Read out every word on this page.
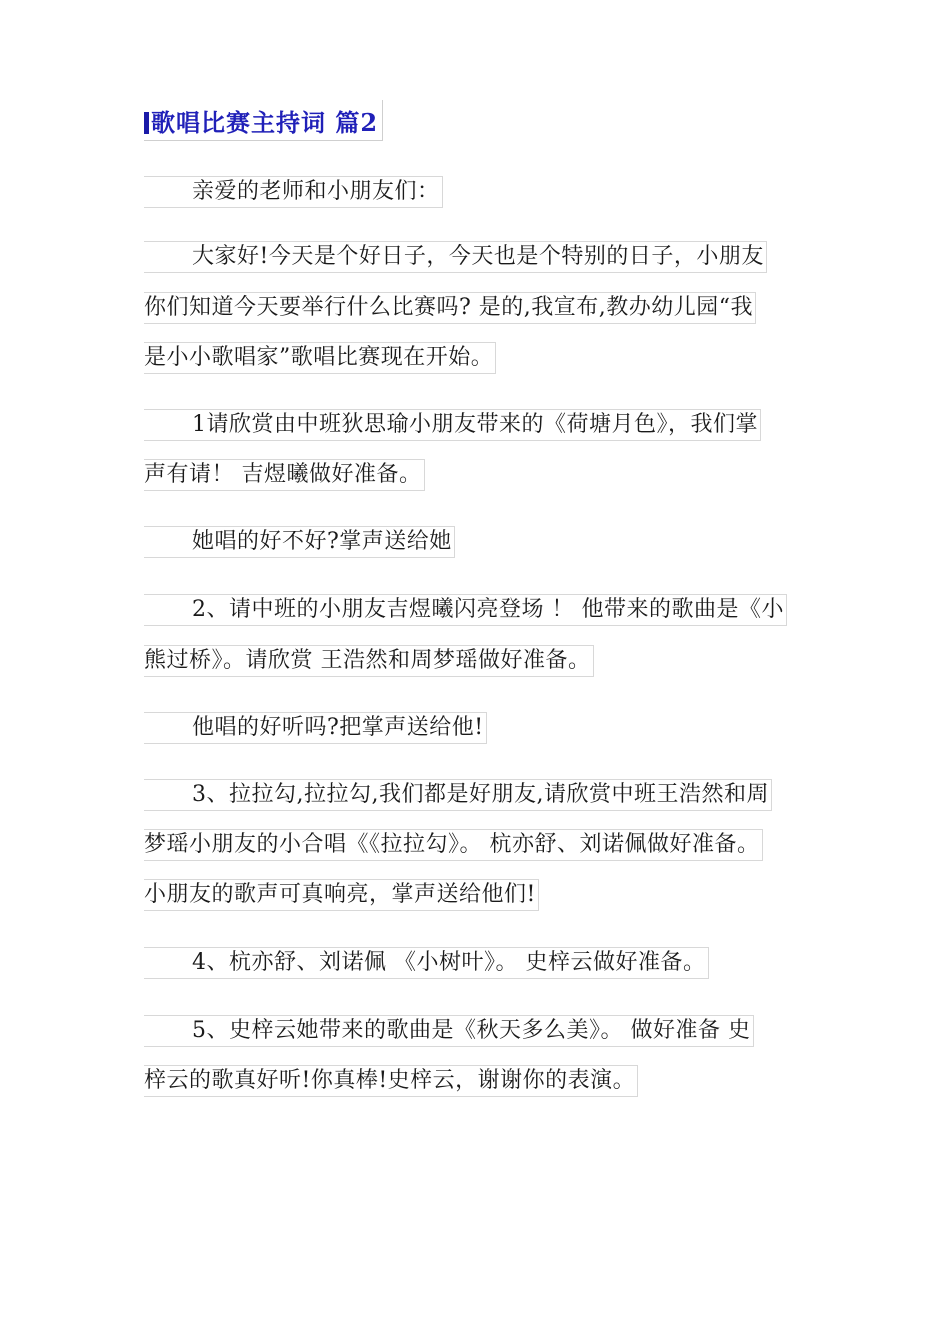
歌唱比赛主持词 篇2
亲爱的老师和小朋友们：
大家好!今天是个好日子，今天也是个特别的日子，小朋友
你们知道今天要举行什么比赛吗? 是的,我宣布,教办幼儿园“我
是小小歌唱家”歌唱比赛现在开始。
1请欣赏由中班狄思瑜小朋友带来的《荷塘月色》，我们掌
声有请！ 吉煜曦做好准备。
她唱的好不好?掌声送给她
2、请中班的小朋友吉煜曦闪亮登场 ！ 他带来的歌曲是《小
熊过桥》。请欣赏 王浩然和周梦瑶做好准备。
他唱的好听吗?把掌声送给他!
3、拉拉勾,拉拉勾,我们都是好朋友,请欣赏中班王浩然和周
梦瑶小朋友的小合唱《《拉拉勾》。 杭亦舒、刘诺佩做好准备。
小朋友的歌声可真响亮，掌声送给他们!
4、杭亦舒、刘诺佩 《小树叶》。 史梓云做好准备。
5、史梓云她带来的歌曲是《秋天多么美》。 做好准备 史
梓云的歌真好听!你真棒!史梓云，谢谢你的表演。
